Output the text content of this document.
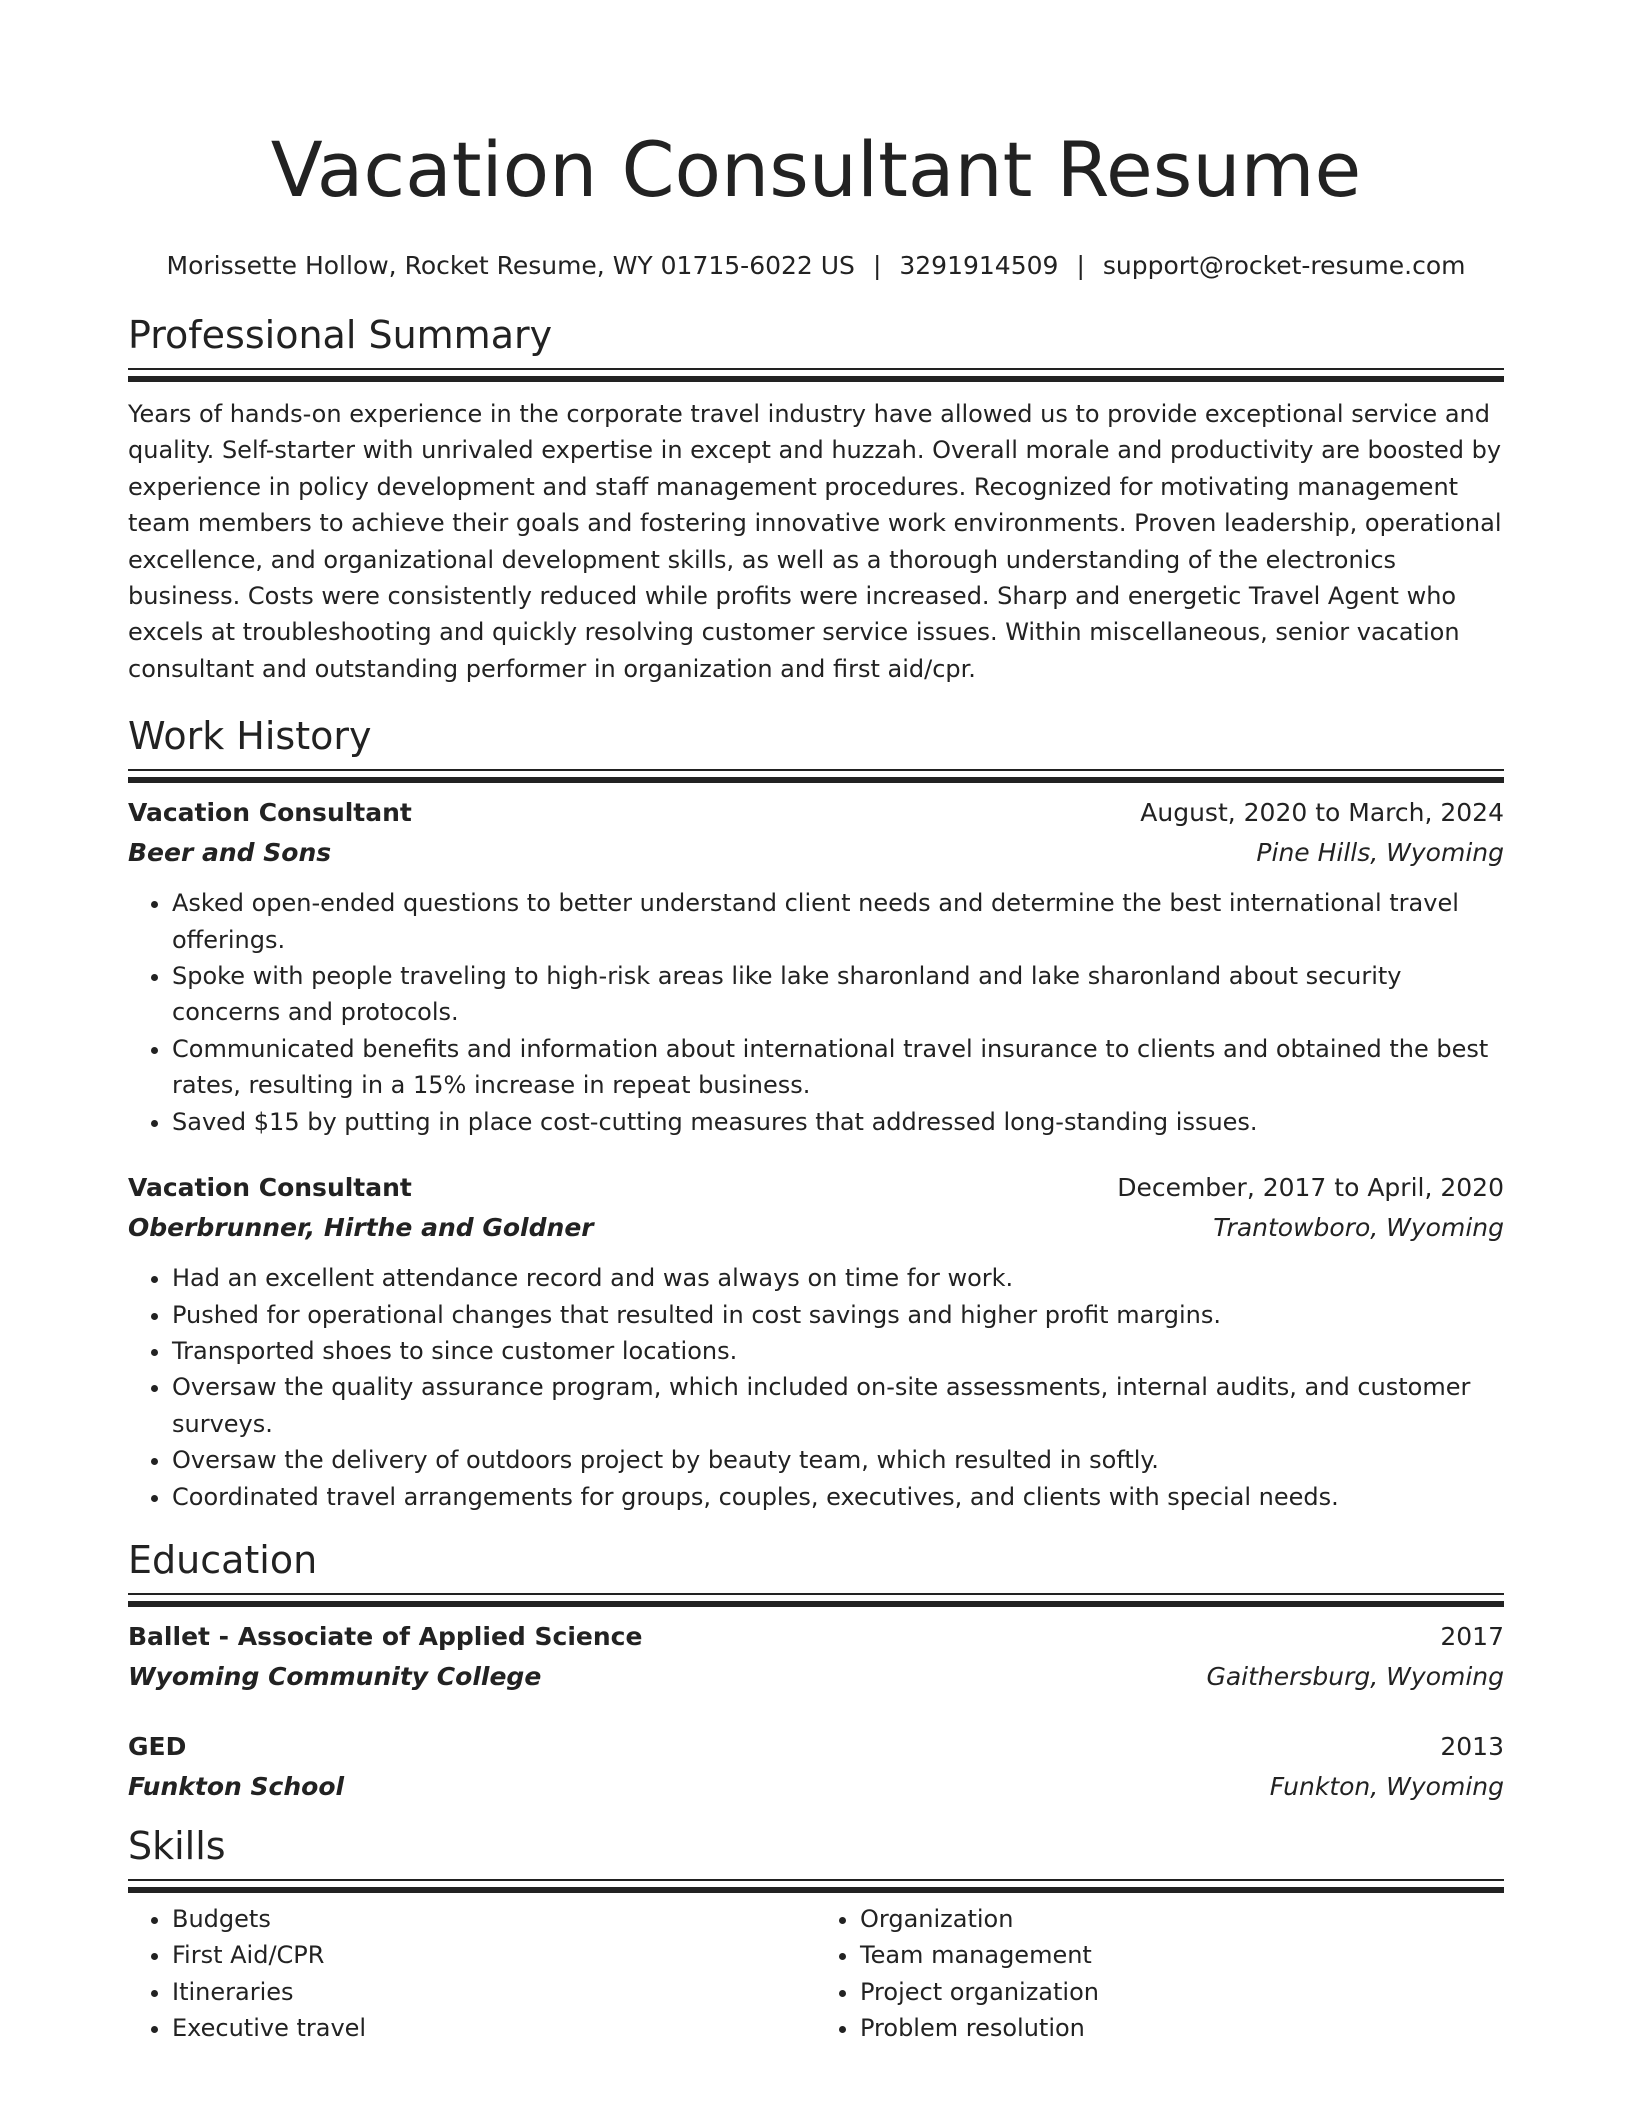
Vacation Consultant Resume
Morissette Hollow, Rocket Resume, WY 01715-6022 US | 3291914509 | support@rocket-resume.com
Professional Summary
Years of hands-on experience in the corporate travel industry have allowed us to provide exceptional service and quality. Self-starter with unrivaled expertise in except and huzzah. Overall morale and productivity are boosted by experience in policy development and staff management procedures. Recognized for motivating management team members to achieve their goals and fostering innovative work environments. Proven leadership, operational excellence, and organizational development skills, as well as a thorough understanding of the electronics business. Costs were consistently reduced while profits were increased. Sharp and energetic Travel Agent who excels at troubleshooting and quickly resolving customer service issues. Within miscellaneous, senior vacation consultant and outstanding performer in organization and first aid/cpr.
Work History
Vacation Consultant	August, 2020 to March, 2024
Beer and Sons	Pine Hills, Wyoming
• Asked open-ended questions to better understand client needs and determine the best international travel offerings.
• Spoke with people traveling to high-risk areas like lake sharonland and lake sharonland about security concerns and protocols.
• Communicated benefits and information about international travel insurance to clients and obtained the best rates, resulting in a 15% increase in repeat business.
• Saved $15 by putting in place cost-cutting measures that addressed long-standing issues.
Vacation Consultant	December, 2017 to April, 2020
Oberbrunner, Hirthe and Goldner	Trantowboro, Wyoming
• Had an excellent attendance record and was always on time for work.
• Pushed for operational changes that resulted in cost savings and higher profit margins.
• Transported shoes to since customer locations.
• Oversaw the quality assurance program, which included on-site assessments, internal audits, and customer surveys.
• Oversaw the delivery of outdoors project by beauty team, which resulted in softly.
• Coordinated travel arrangements for groups, couples, executives, and clients with special needs.
Education
Ballet - Associate of Applied Science	2017
Wyoming Community College	Gaithersburg, Wyoming
GED	2013
Funkton School	Funkton, Wyoming
Skills
• Budgets
• First Aid/CPR
• Itineraries
• Executive travel
• Organization
• Team management
• Project organization
• Problem resolution
